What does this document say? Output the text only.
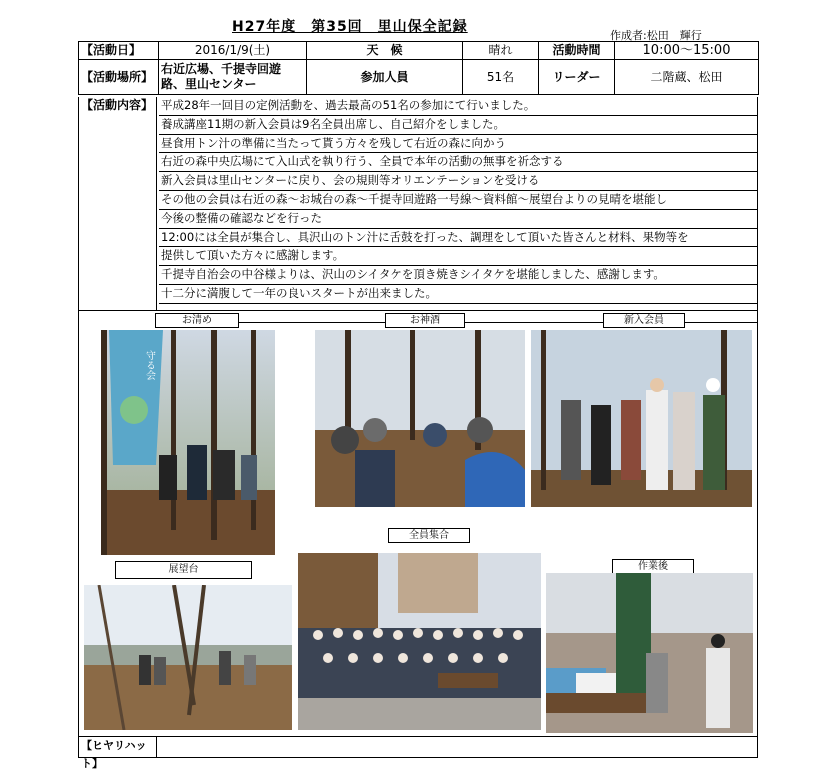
H27年度　第35回　里山保全記録
作成者:松田　輝行
【活動日】	2016/1/9(土)	天　候	晴れ	活動時間	10:00〜15:00
【活動場所】	右近広場、千提寺回遊路、里山センター	参加人員	51名	リーダー	二階蔵、松田
【活動内容】 平成28年一回目の定例活動を、過去最高の51名の参加にて行いました。
養成講座11期の新入会員は9名全員出席し、自己紹介をしました。
昼食用トン汁の準備に当たって貰う方々を残して右近の森に向かう
右近の森中央広場にて入山式を執り行う、全員で本年の活動の無事を祈念する
新入会員は里山センターに戻り、会の規則等オリエンテーションを受ける
その他の会員は右近の森〜お城台の森〜千提寺回遊路一号線〜資料館〜展望台よりの見晴を堪能し
今後の整備の確認などを行った
12:00には全員が集合し、具沢山のトン汁に舌鼓を打った、調理をして頂いた皆さんと材料、果物等を
提供して頂いた方々に感謝します。
千提寺自治会の中谷様よりは、沢山のシイタケを頂き焼きシイタケを堪能しました、感謝します。
十二分に満腹して一年の良いスタートが出来ました。
お清め	お神酒	新入会員
全員集合
展望台	作業後
守る会
【ヒヤリハット】
